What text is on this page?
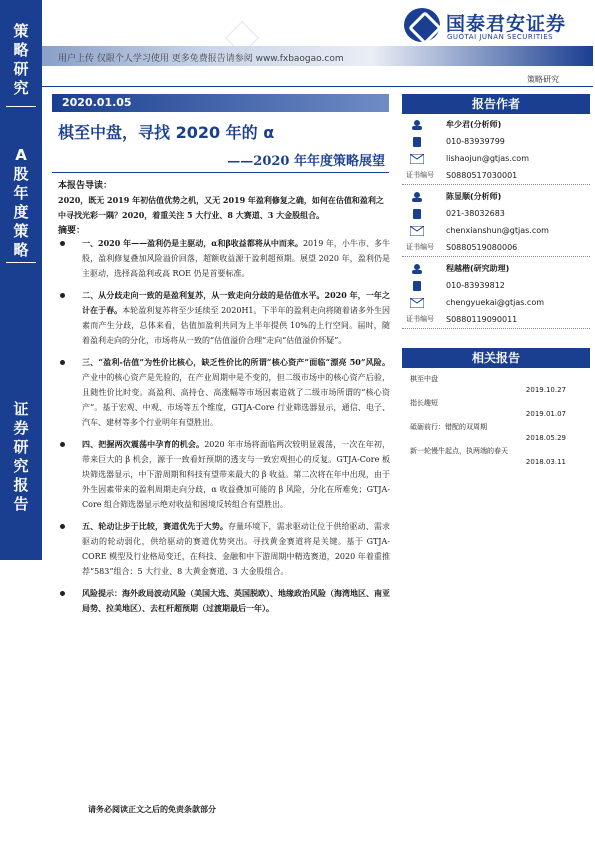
策略研究
A股年度策略
证券研究报告
国泰君安证券
GUOTAI JUNAN SECURITIES
用户上传 仅限个人学习使用 更多免费报告请参阅 www.fxbaogao.com
策略研究
2020.01.05
棋至中盘，寻找 2020 年的 α
——2020 年年度策略展望
本报告导读：
2020，既无 2019 年初估值优势之机，又无 2019 年盈利修复之确，如何在估值和盈利之中寻找光彩一隅？2020，着重关注 5 大行业、8 大赛道、3 大金股组合。
摘要：
一、2020 年——盈利仍是主驱动，α和β收益都将从中而来。2019 年，小牛市、多牛股，盈利修复叠加风险溢价回落，超额收益源于盈利超预期。展望 2020 年，盈利仍是主驱动，选择高盈利或高 ROE 仍是首要标准。
二、从分歧走向一致的是盈利复苏，从一致走向分歧的是估值水平。2020 年，一年之计在于春。本轮盈利复苏将至少延续至 2020H1。下半年的盈利走向将随着诸多外生因素而产生分歧，总体来看，估值加盈利共同为上半年提供 10%的上行空间。届时，随着盈利走向的分化，市场将从一致的“估值溢价合理”走向“估值溢价怀疑”。
三、“盈利-估值”为性价比核心，缺乏性价比的所谓“核心资产”面临“漂亮 50”风险。产业中的核心资产是先验的，在产业周期中是不变的，但二级市场中的核心资产后验，且随性价比时变。高盈利、高持仓、高涨幅等市场因素造就了二级市场所谓的“核心资产”。基于宏观、中观、市场等五个维度，GTJA-Core 行业筛选器显示，通信、电子、汽车、建材等多个行业明年有望胜出。
四、把握两次震荡中孕育的机会。2020 年市场将面临两次较明显震荡，一次在年初，带来巨大的 β 机会，源于一致看好预期的透支与一致宏观担心的反复。GTJA-Core 板块筛选器显示，中下游周期和科技有望带来最大的 β 收益。第二次将在年中出现，由于外生因素带来的盈利周期走向分歧，α 收益叠加可能的 β 风险，分化在所难免；GTJA-Core 组合筛选器显示绝对收益和困境反转组合有望胜出。
五、轮动让步于比较，赛道优先于大势。存量环境下，需求驱动让位于供给驱动、需求驱动的轮动弱化，供给驱动的赛道优势突出。寻找黄金赛道将是关键。基于 GTJA-CORE 模型及行业格局变迁，在科技、金融和中下游周期中精选赛道，2020 年着重推荐“583”组合：5 大行业、8 大黄金赛道、3 大金股组合。
风险提示：海外政局波动风险（美国大选、英国脱欧）、地缘政治风险（海湾地区、南亚局势、拉美地区）、去杠杆超预期（过渡期最后一年）。
报告作者
牟少君(分析师)
010-83939799
lishaojun@gtjas.com
证书编号 S0880517030001
陈显顺(分析师)
021-38032683
chenxianshun@gtjas.com
证书编号 S0880519080006
程越楷(研究助理)
010-83939812
chengyuekai@gtjas.com
证书编号 S0880119090011
相关报告
棋至中盘
2019.10.27
指长趣短
2019.01.07
砥砺前行：错配的双周期
2018.05.29
新一轮慢牛起点，执两端的春天
2018.03.11
请务必阅读正文之后的免责条款部分
